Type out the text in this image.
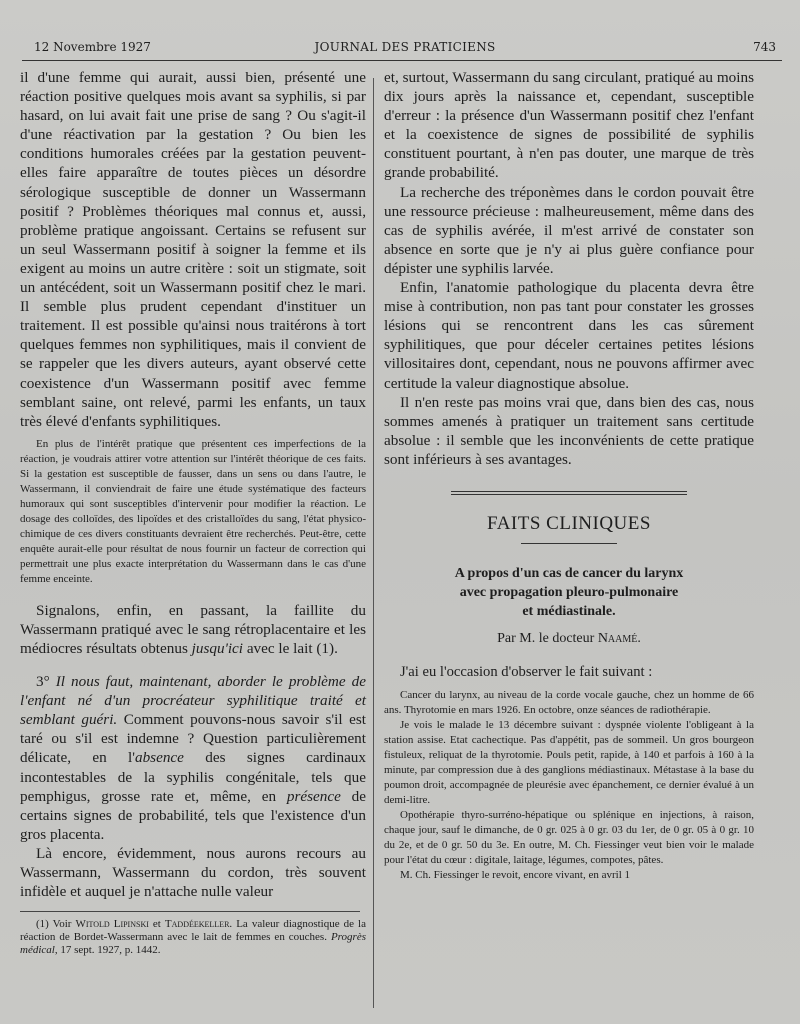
12 Novembre 1927	JOURNAL DES PRATICIENS	743

il d'une femme qui aurait, aussi bien, présenté une réaction positive quelques mois avant sa syphilis, si par hasard, on lui avait fait une prise de sang ? Ou s'agit-il d'une réactivation par la gestation ? Ou bien les conditions humorales créées par la gestation peuvent-elles faire apparaître de toutes pièces un désordre sérologique susceptible de donner un Wassermann positif ? Problèmes théoriques mal connus et, aussi, problème pratique angoissant. Certains se refusent sur un seul Wassermann positif à soigner la femme et ils exigent au moins un autre critère : soit un stigmate, soit un antécédent, soit un Wassermann positif chez le mari. Il semble plus prudent cependant d'instituer un traitement. Il est possible qu'ainsi nous traitérons à tort quelques femmes non syphilitiques, mais il convient de se rappeler que les divers auteurs, ayant observé cette coexistence d'un Wassermann positif avec femme semblant saine, ont relevé, parmi les enfants, un taux très élevé d'enfants syphilitiques.

En plus de l'intérêt pratique que présentent ces imperfections de la réaction, je voudrais attirer votre attention sur l'intérêt théorique de ces faits. Si la gestation est susceptible de fausser, dans un sens ou dans l'autre, le Wassermann, il conviendrait de faire une étude systématique des facteurs humoraux qui sont susceptibles d'intervenir pour modifier la réaction. Le dosage des colloïdes, des lipoïdes et des cristalloïdes du sang, l'état physico-chimique de ces divers constituants devraient être recherchés. Peut-être, cette enquête aurait-elle pour résultat de nous fournir un facteur de correction qui permettrait une plus exacte interprétation du Wassermann dans le cas d'une femme enceinte.

Signalons, enfin, en passant, la faillite du Wassermann pratiqué avec le sang rétroplacentaire et les médiocres résultats obtenus jusqu'ici avec le lait (1).

3° Il nous faut, maintenant, aborder le problème de l'enfant né d'un procréateur syphilitique traité et semblant guéri. Comment pouvons-nous savoir s'il est taré ou s'il est indemne ? Question particulièrement délicate, en l'absence des signes cardinaux incontestables de la syphilis congénitale, tels que pemphigus, grosse rate et, même, en présence de certains signes de probabilité, tels que l'existence d'un gros placenta.

Là encore, évidemment, nous aurons recours au Wassermann, Wassermann du cordon, très souvent infidèle et auquel je n'attache nulle valeur

(1) Voir Witold Lipinski et Taddéekeller. La valeur diagnostique de la réaction de Bordet-Wassermann avec le lait de femmes en couches. Progrès médical, 17 sept. 1927, p. 1442.

et, surtout, Wassermann du sang circulant, pratiqué au moins dix jours après la naissance et, cependant, susceptible d'erreur : la présence d'un Wassermann positif chez l'enfant et la coexistence de signes de possibilité de syphilis constituent pourtant, à n'en pas douter, une marque de très grande probabilité.

La recherche des tréponèmes dans le cordon pouvait être une ressource précieuse : malheureusement, même dans des cas de syphilis avérée, il m'est arrivé de constater son absence en sorte que je n'y ai plus guère confiance pour dépister une syphilis larvée.

Enfin, l'anatomie pathologique du placenta devra être mise à contribution, non pas tant pour constater les grosses lésions qui se rencontrent dans les cas sûrement syphilitiques, que pour déceler certaines petites lésions villositaires dont, cependant, nous ne pouvons affirmer avec certitude la valeur diagnostique absolue.

Il n'en reste pas moins vrai que, dans bien des cas, nous sommes amenés à pratiquer un traitement sans certitude absolue : il semble que les inconvénients de cette pratique sont inférieurs à ses avantages.

FAITS CLINIQUES
A propos d'un cas de cancer du larynx
avec propagation pleuro-pulmonaire
et médiastinale.
Par M. le docteur Naamé.

J'ai eu l'occasion d'observer le fait suivant :

Cancer du larynx, au niveau de la corde vocale gauche, chez un homme de 66 ans. Thyrotomie en mars 1926. En octobre, onze séances de radiothérapie.

Je vois le malade le 13 décembre suivant : dyspnée violente l'obligeant à la station assise. Etat cachectique. Pas d'appétit, pas de sommeil. Un gros bourgeon fistuleux, reliquat de la thyrotomie. Pouls petit, rapide, à 140 et parfois à 160 à la minute, par compression due à des ganglions médiastinaux. Métastase à la base du poumon droit, accompagnée de pleurésie avec épanchement, ce dernier évalué à un demi-litre.

Opothérapie thyro-surréno-hépatique ou splénique en injections, à raison, chaque jour, sauf le dimanche, de 0 gr. 025 à 0 gr. 03 du 1er, de 0 gr. 05 à 0 gr. 10 du 2e, et de 0 gr. 50 du 3e. En outre, M. Ch. Fiessinger veut bien voir le malade pour l'état du cœur : digitale, laitage, légumes, compotes, pâtes.

M. Ch. Fiessinger le revoit, encore vivant, en avril 1
